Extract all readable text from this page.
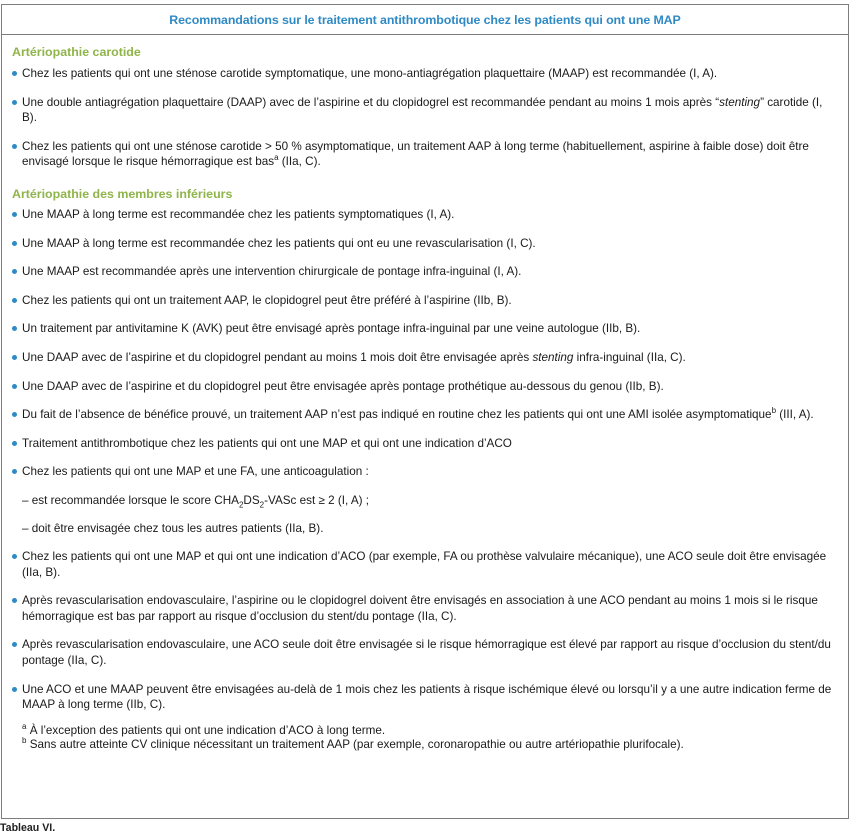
Recommandations sur le traitement antithrombotique chez les patients qui ont une MAP
Artériopathie carotide
Chez les patients qui ont une sténose carotide symptomatique, une mono-antiagrégation plaquettaire (MAAP) est recommandée (I, A).
Une double antiagrégation plaquettaire (DAAP) avec de l’aspirine et du clopidogrel est recommandée pendant au moins 1 mois après “stenting” carotide (I, B).
Chez les patients qui ont une sténose carotide > 50 % asymptomatique, un traitement AAP à long terme (habituellement, aspirine à faible dose) doit être envisagé lorsque le risque hémorragique est bas$^a$ (IIa, C).
Artériopathie des membres inférieurs
Une MAAP à long terme est recommandée chez les patients symptomatiques (I, A).
Une MAAP à long terme est recommandée chez les patients qui ont eu une revascularisation (I, C).
Une MAAP est recommandée après une intervention chirurgicale de pontage infra-inguinal (I, A).
Chez les patients qui ont un traitement AAP, le clopidogrel peut être préféré à l’aspirine (IIb, B).
Un traitement par antivitamine K (AVK) peut être envisagé après pontage infra-inguinal par une veine autologue (IIb, B).
Une DAAP avec de l’aspirine et du clopidogrel pendant au moins 1 mois doit être envisagée après stenting infra-inguinal (IIa, C).
Une DAAP avec de l’aspirine et du clopidogrel peut être envisagée après pontage prothétique au-dessous du genou (IIb, B).
Du fait de l’absence de bénéfice prouvé, un traitement AAP n’est pas indiqué en routine chez les patients qui ont une AMI isolée asymptomatique$^b$ (III, A).
Traitement antithrombotique chez les patients qui ont une MAP et qui ont une indication d’ACO
Chez les patients qui ont une MAP et une FA, une anticoagulation :
– est recommandée lorsque le score $CHA_2DS_2$-VASc est ≥ 2 (I, A) ;
– doit être envisagée chez tous les autres patients (IIa, B).
Chez les patients qui ont une MAP et qui ont une indication d’ACO (par exemple, FA ou prothèse valvulaire mécanique), une ACO seule doit être envisagée (IIa, B).
Après revascularisation endovasculaire, l’aspirine ou le clopidogrel doivent être envisagés en association à une ACO pendant au moins 1 mois si le risque hémorragique est bas par rapport au risque d’occlusion du stent/du pontage (IIa, C).
Après revascularisation endovasculaire, une ACO seule doit être envisagée si le risque hémorragique est élevé par rapport au risque d’occlusion du stent/du pontage (IIa, C).
Une ACO et une MAAP peuvent être envisagées au-delà de 1 mois chez les patients à risque ischémique élevé ou lorsqu’il y a une autre indication ferme de MAAP à long terme (IIb, C).
$^a$ À l’exception des patients qui ont une indication d’ACO à long terme.
$^b$ Sans autre atteinte CV clinique nécessitant un traitement AAP (par exemple, coronaropathie ou autre artériopathie plurifocale).
Tableau VI.
